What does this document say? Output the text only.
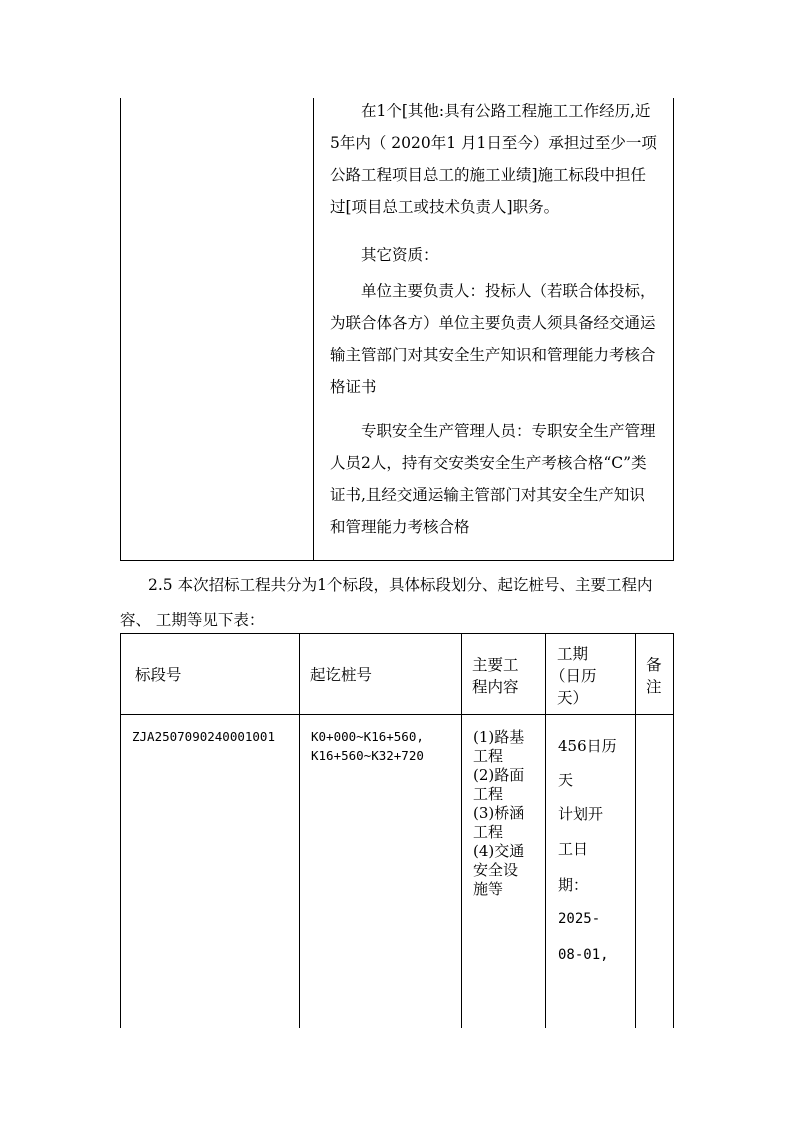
在1个[其他:具有公路工程施工工作经历,近
5年内（ 2020年1 月1日至今）承担过至少一项
公路工程项目总工的施工业绩]施工标段中担任
过[项目总工或技术负责人]职务。
其它资质：
单位主要负责人：投标人（若联合体投标，
为联合体各方）单位主要负责人须具备经交通运
输主管部门对其安全生产知识和管理能力考核合
格证书
专职安全生产管理人员：专职安全生产管理
人员2人，持有交安类安全生产考核合格“C”类
证书,且经交通运输主管部门对其安全生产知识
和管理能力考核合格
2.5 本次招标工程共分为1个标段，具体标段划分、起讫桩号、主要工程内
容、 工期等见下表：
标段号	起讫桩号
主要工
程内容
工期
（日历
天）
备
注
ZJA2507090240001001	K0+000~K16+560,
K16+560~K32+720
(1)路基
工程
(2)路面
工程
(3)桥涵
工程
(4)交通
安全设
施等
456日历
天
计划开
工日
期：
2025-
08-01,
